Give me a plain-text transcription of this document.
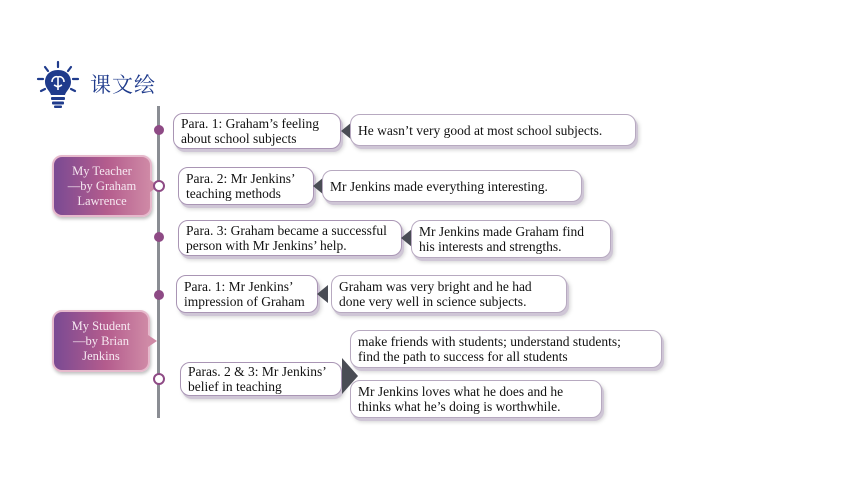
课文绘
My Teacher
—by Graham
Lawrence
Para. 1: Graham’s feeling
about school subjects
He wasn’t very good at most school subjects.
Para. 2: Mr Jenkins’
teaching methods	Mr Jenkins made everything interesting.
Para. 3: Graham became a successful
person with Mr Jenkins’ help.
Mr Jenkins made Graham find
his interests and strengths.
My Student
—by Brian
Jenkins
Para. 1: Mr Jenkins’
impression of Graham
Graham was very bright and he had
done very well in science subjects.
Paras. 2 & 3: Mr Jenkins’
belief in teaching
make friends with students; understand students;
find the path to success for all students
Mr Jenkins loves what he does and he
thinks what he’s doing is worthwhile.
